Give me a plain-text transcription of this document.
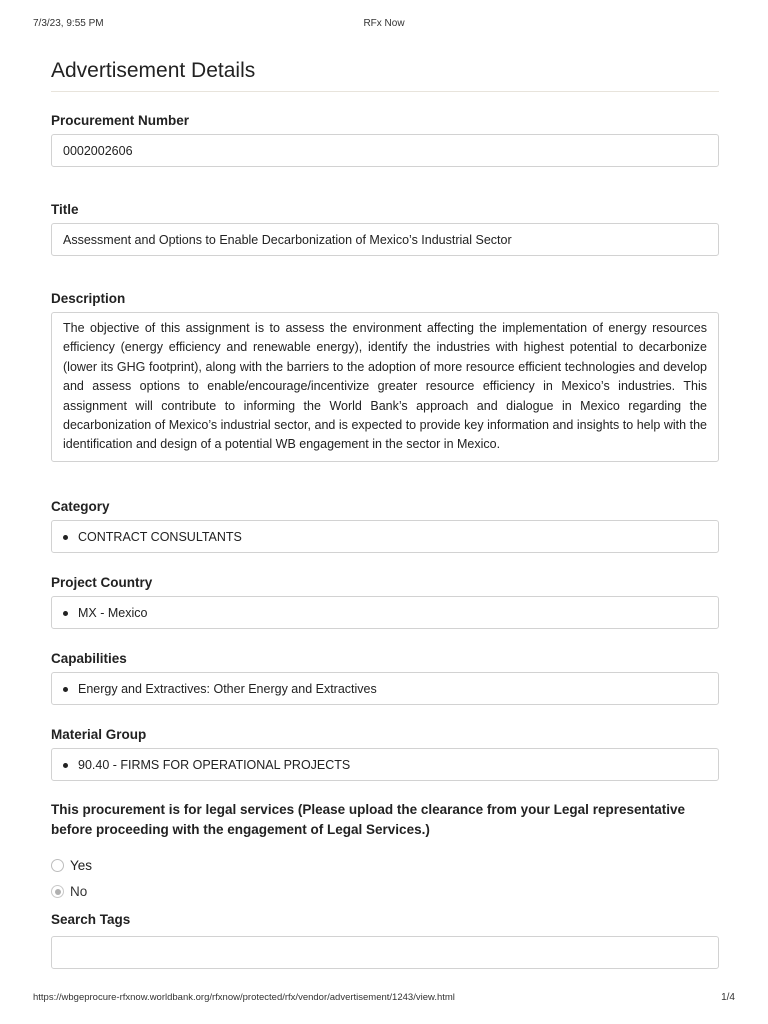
7/3/23, 9:55 PM	RFx Now
Advertisement Details
Procurement Number
0002002606
Title
Assessment and Options to Enable Decarbonization of Mexico’s Industrial Sector
Description
The objective of this assignment is to assess the environment affecting the implementation of energy resources efficiency (energy efficiency and renewable energy), identify the industries with highest potential to decarbonize (lower its GHG footprint), along with the barriers to the adoption of more resource efficient technologies and develop and assess options to enable/encourage/incentivize greater resource efficiency in Mexico’s industries. This assignment will contribute to informing the World Bank’s approach and dialogue in Mexico regarding the decarbonization of Mexico’s industrial sector, and is expected to provide key information and insights to help with the identification and design of a potential WB engagement in the sector in Mexico.
Category
CONTRACT CONSULTANTS
Project Country
MX - Mexico
Capabilities
Energy and Extractives: Other Energy and Extractives
Material Group
90.40 - FIRMS FOR OPERATIONAL PROJECTS

This procurement is for legal services (Please upload the clearance from your Legal representative before proceeding with the engagement of Legal Services.)

Yes
No
Search Tags
https://wbgeprocure-rfxnow.worldbank.org/rfxnow/protected/rfx/vendor/advertisement/1243/view.html	1/4
